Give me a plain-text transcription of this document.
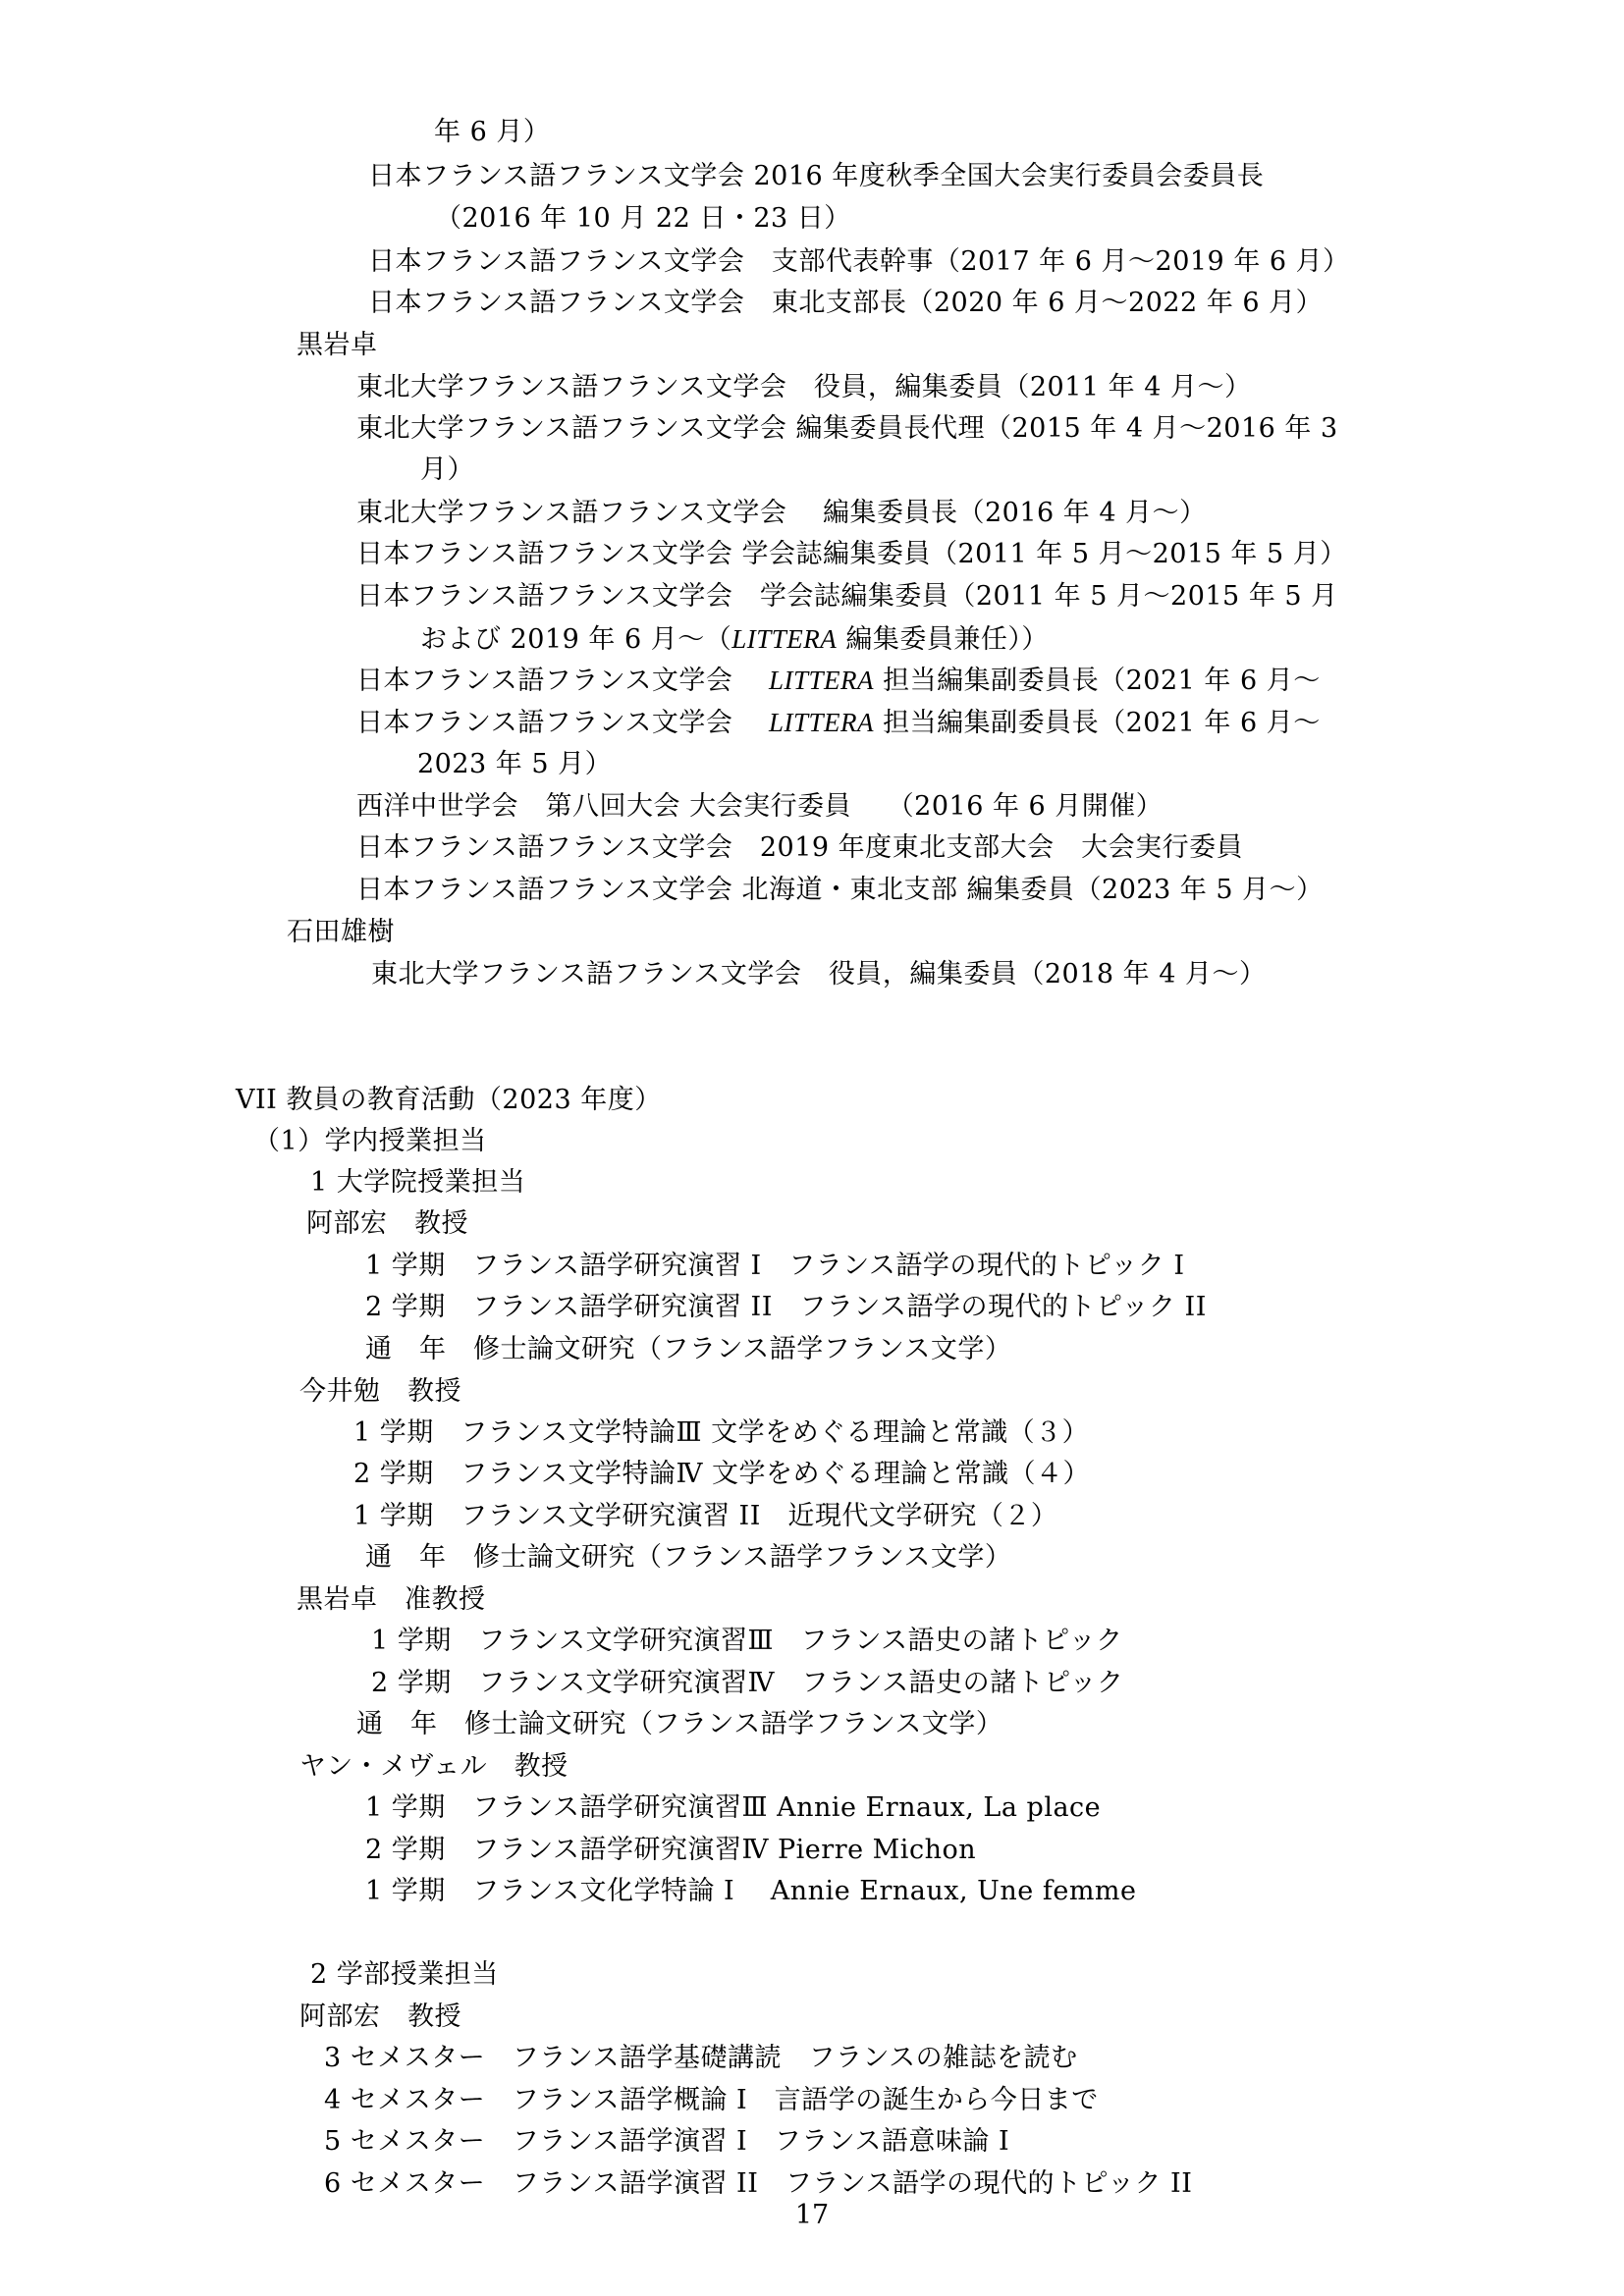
年 6 月）
日本フランス語フランス文学会 2016 年度秋季全国大会実行委員会委員長
（2016 年 10 月 22 日・23 日）
日本フランス語フランス文学会　支部代表幹事（2017 年 6 月〜2019 年 6 月）
日本フランス語フランス文学会　東北支部長（2020 年 6 月〜2022 年 6 月）
黒岩卓
東北大学フランス語フランス文学会　役員，編集委員（2011 年 4 月〜）
東北大学フランス語フランス文学会 編集委員長代理（2015 年 4 月〜2016 年 3
月）
東北大学フランス語フランス文学会　 編集委員長（2016 年 4 月〜）
日本フランス語フランス文学会 学会誌編集委員（2011 年 5 月〜2015 年 5 月）
日本フランス語フランス文学会　学会誌編集委員（2011 年 5 月〜2015 年 5 月
および 2019 年 6 月〜（LITTERA 編集委員兼任））
日本フランス語フランス文学会　 LITTERA 担当編集副委員長（2021 年 6 月〜
日本フランス語フランス文学会　 LITTERA 担当編集副委員長（2021 年 6 月〜
2023 年 5 月）
西洋中世学会　第八回大会 大会実行委員　 （2016 年 6 月開催）
日本フランス語フランス文学会　2019 年度東北支部大会　大会実行委員
日本フランス語フランス文学会 北海道・東北支部 編集委員（2023 年 5 月〜）
石田雄樹
東北大学フランス語フランス文学会　役員，編集委員（2018 年 4 月〜）
VII 教員の教育活動（2023 年度）
（1）学内授業担当
1 大学院授業担当
阿部宏　教授
1 学期　フランス語学研究演習 I　フランス語学の現代的トピック I
2 学期　フランス語学研究演習 II　フランス語学の現代的トピック II
通　年　修士論文研究（フランス語学フランス文学）
今井勉　教授
1 学期　フランス文学特論Ⅲ 文学をめぐる理論と常識（３）
2 学期　フランス文学特論Ⅳ 文学をめぐる理論と常識（４）
1 学期　フランス文学研究演習 II　近現代文学研究（２）
通　年　修士論文研究（フランス語学フランス文学）
黒岩卓　准教授
1 学期　フランス文学研究演習Ⅲ　フランス語史の諸トピック
2 学期　フランス文学研究演習Ⅳ　フランス語史の諸トピック
通　年　修士論文研究（フランス語学フランス文学）
ヤン・メヴェル　教授
1 学期　フランス語学研究演習Ⅲ Annie Ernaux, La place
2 学期　フランス語学研究演習Ⅳ Pierre Michon
1 学期　フランス文化学特論 I　 Annie Ernaux, Une femme
2 学部授業担当
阿部宏　教授
3 セメスター　フランス語学基礎講読　フランスの雑誌を読む
4 セメスター　フランス語学概論 I　言語学の誕生から今日まで
5 セメスター　フランス語学演習 I　フランス語意味論 I
6 セメスター　フランス語学演習 II　フランス語学の現代的トピック II
17
